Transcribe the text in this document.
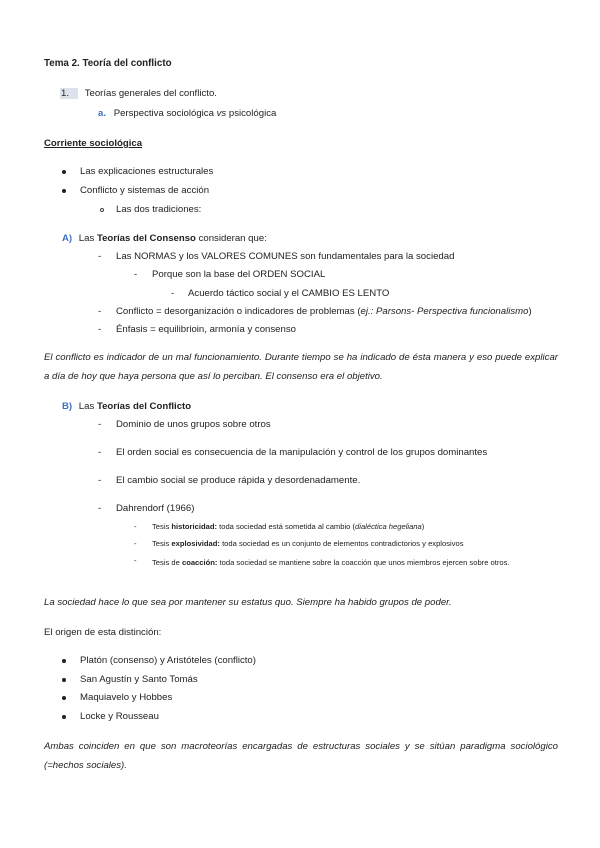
Tema 2. Teoría del conflicto
1. Teorías generales del conflicto.
a. Perspectiva sociológica vs psicológica
Corriente sociológica
Las explicaciones estructurales
Conflicto y sistemas de acción
Las dos tradiciones:
A) Las Teorías del Consenso consideran que:
- Las NORMAS y los VALORES COMUNES son fundamentales para la sociedad
- Porque son la base del ORDEN SOCIAL
- Acuerdo táctico social y el CAMBIO ES LENTO
- Conflicto = desorganización o indicadores de problemas (ej.: Parsons- Perspectiva funcionalismo)
- Énfasis = equilibrioin, armonía y consenso
El conflicto es indicador de un mal funcionamiento. Durante tiempo se ha indicado de ésta manera y eso puede explicar a día de hoy que haya persona que así lo perciban. El consenso era el objetivo.
B) Las Teorías del Conflicto
- Dominio de unos grupos sobre otros
- El orden social es consecuencia de la manipulación y control de los grupos dominantes
- El cambio social se produce rápida y desordenadamente.
- Dahrendorf (1966)
- Tesis historicidad: toda sociedad está sometida al cambio (dialéctica hegeliana)
- Tesis explosividad: toda sociedad es un conjunto de elementos contradictorios y explosivos
- Tesis de coacción: toda sociedad se mantiene sobre la coacción que unos miembros ejercen sobre otros.
La sociedad hace lo que sea por mantener su estatus quo. Siempre ha habido grupos de poder.
El origen de esta distinción:
Platón (consenso) y Aristóteles (conflicto)
San Agustín y Santo Tomás
Maquiavelo y Hobbes
Locke y Rousseau
Ambas coinciden en que son macroteorías encargadas de estructuras sociales y se sitúan paradigma sociológico (=hechos sociales).
